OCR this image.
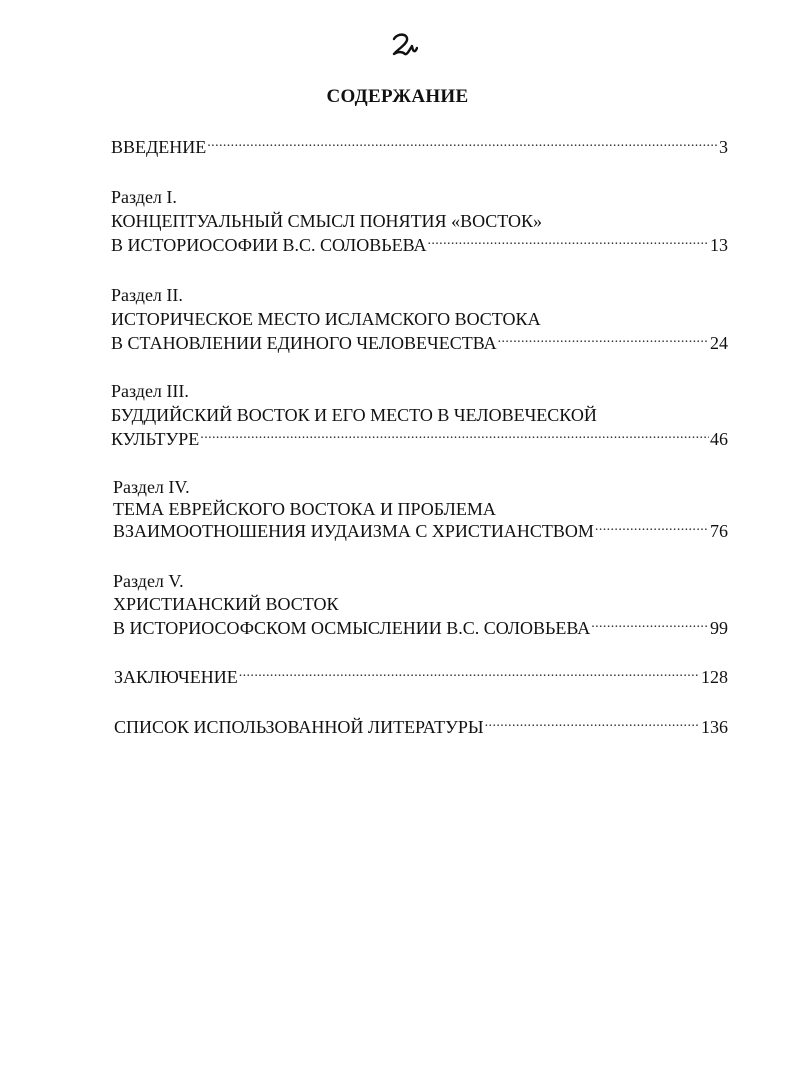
СОДЕРЖАНИЕ
ВВЕДЕНИЕ .....	3
Раздел I.
КОНЦЕПТУАЛЬНЫЙ СМЫСЛ ПОНЯТИЯ «ВОСТОК»
В ИСТОРИОСОФИИ В.С. СОЛОВЬЕВА .....	13
Раздел II.
ИСТОРИЧЕСКОЕ МЕСТО ИСЛАМСКОГО ВОСТОКА
В СТАНОВЛЕНИИ ЕДИНОГО ЧЕЛОВЕЧЕСТВА .....	24
Раздел III.
БУДДИЙСКИЙ ВОСТОК И ЕГО МЕСТО В ЧЕЛОВЕЧЕСКОЙ
КУЛЬТУРЕ .....	46
Раздел IV.
ТЕМА ЕВРЕЙСКОГО ВОСТОКА И ПРОБЛЕМА
ВЗАИМООТНОШЕНИЯ ИУДАИЗМА С ХРИСТИАНСТВОМ .....	76
Раздел V.
ХРИСТИАНСКИЙ ВОСТОК
В ИСТОРИОСОФСКОМ ОСМЫСЛЕНИИ В.С. СОЛОВЬЕВА .....	99
ЗАКЛЮЧЕНИЕ .....	128
СПИСОК ИСПОЛЬЗОВАННОЙ ЛИТЕРАТУРЫ .....	136
